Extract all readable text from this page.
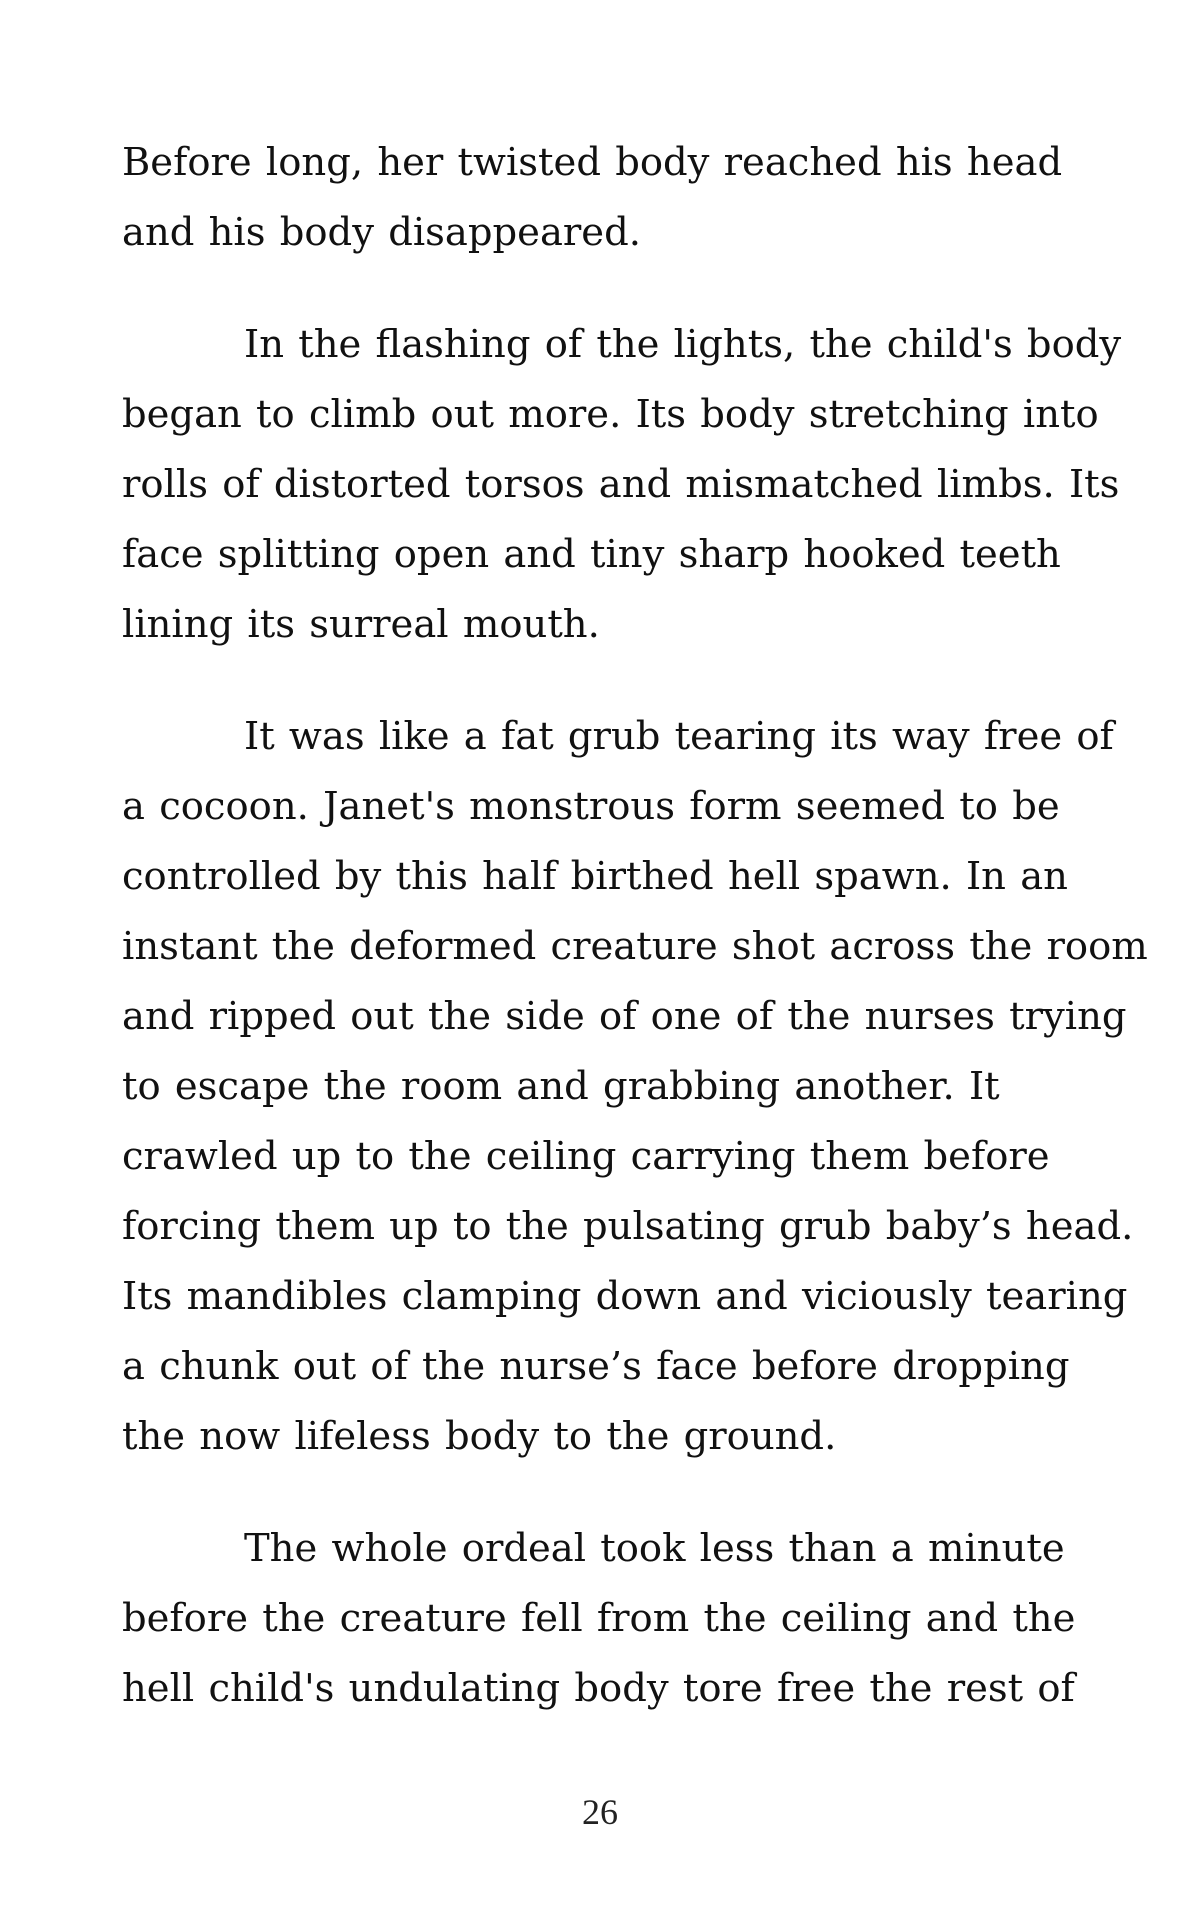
Before long, her twisted body reached his head
and his body disappeared.
In the flashing of the lights, the child's body
began to climb out more. Its body stretching into
rolls of distorted torsos and mismatched limbs. Its
face splitting open and tiny sharp hooked teeth
lining its surreal mouth.
It was like a fat grub tearing its way free of
a cocoon. Janet's monstrous form seemed to be
controlled by this half birthed hell spawn. In an
instant the deformed creature shot across the room
and ripped out the side of one of the nurses trying
to escape the room and grabbing another. It
crawled up to the ceiling carrying them before
forcing them up to the pulsating grub baby’s head.
Its mandibles clamping down and viciously tearing
a chunk out of the nurse’s face before dropping
the now lifeless body to the ground.
The whole ordeal took less than a minute
before the creature fell from the ceiling and the
hell child's undulating body tore free the rest of
26
